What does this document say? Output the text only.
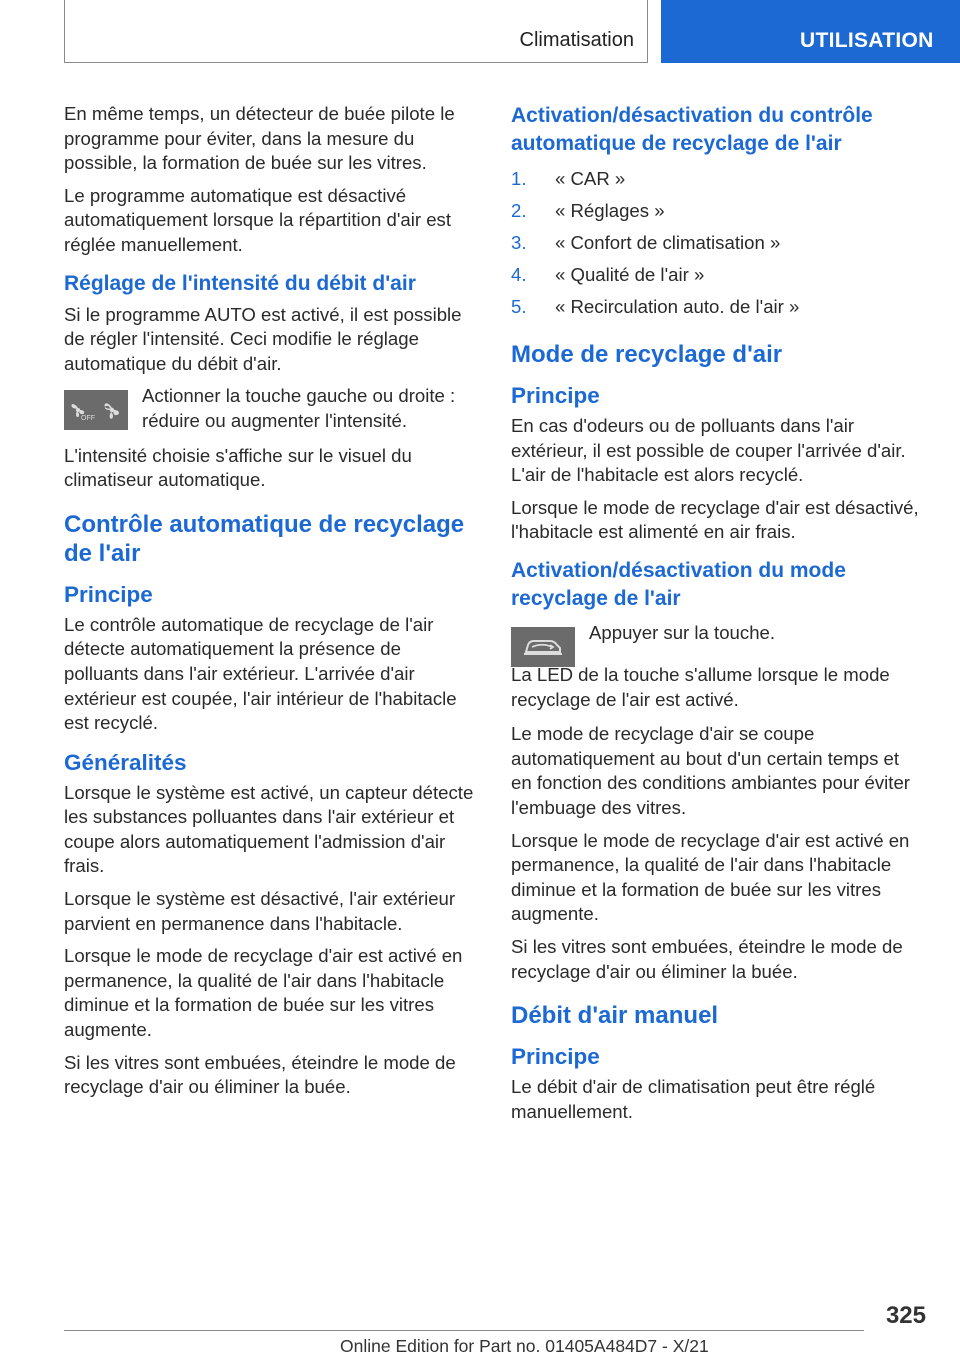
Climatisation	UTILISATION

En même temps, un détecteur de buée pilote le programme pour éviter, dans la mesure du possible, la formation de buée sur les vitres.

Le programme automatique est désactivé automatiquement lorsque la répartition d'air est réglée manuellement.

Réglage de l'intensité du débit d'air

Si le programme AUTO est activé, il est possible de régler l'intensité. Ceci modifie le réglage automatique du débit d'air.

OFF

Actionner la touche gauche ou droite : réduire ou augmenter l'intensité.

L'intensité choisie s'affiche sur le visuel du climatiseur automatique.

Contrôle automatique de recyclage de l'air
Principe

Le contrôle automatique de recyclage de l'air détecte automatiquement la présence de polluants dans l'air extérieur. L'arrivée d'air extérieur est coupée, l'air intérieur de l'habitacle est recyclé.

Généralités

Lorsque le système est activé, un capteur détecte les substances polluantes dans l'air extérieur et coupe alors automatiquement l'admission d'air frais.

Lorsque le système est désactivé, l'air extérieur parvient en permanence dans l'habitacle.

Lorsque le mode de recyclage d'air est activé en permanence, la qualité de l'air dans l'habitacle diminue et la formation de buée sur les vitres augmente.

Si les vitres sont embuées, éteindre le mode de recyclage d'air ou éliminer la buée.

Activation/désactivation du contrôle automatique de recyclage de l'air
1. « CAR »
2. « Réglages »
3. « Confort de climatisation »
4. « Qualité de l'air »
5. « Recirculation auto. de l'air »
Mode de recyclage d'air
Principe

En cas d'odeurs ou de polluants dans l'air extérieur, il est possible de couper l'arrivée d'air. L'air de l'habitacle est alors recyclé.

Lorsque le mode de recyclage d'air est désactivé, l'habitacle est alimenté en air frais.

Activation/désactivation du mode recyclage de l'air

Appuyer sur la touche.

La LED de la touche s'allume lorsque le mode recyclage de l'air est activé.

Le mode de recyclage d'air se coupe automatiquement au bout d'un certain temps et en fonction des conditions ambiantes pour éviter l'embuage des vitres.

Lorsque le mode de recyclage d'air est activé en permanence, la qualité de l'air dans l'habitacle diminue et la formation de buée sur les vitres augmente.

Si les vitres sont embuées, éteindre le mode de recyclage d'air ou éliminer la buée.

Débit d'air manuel
Principe

Le débit d'air de climatisation peut être réglé manuellement.

325
Online Edition for Part no. 01405A484D7 - X/21
